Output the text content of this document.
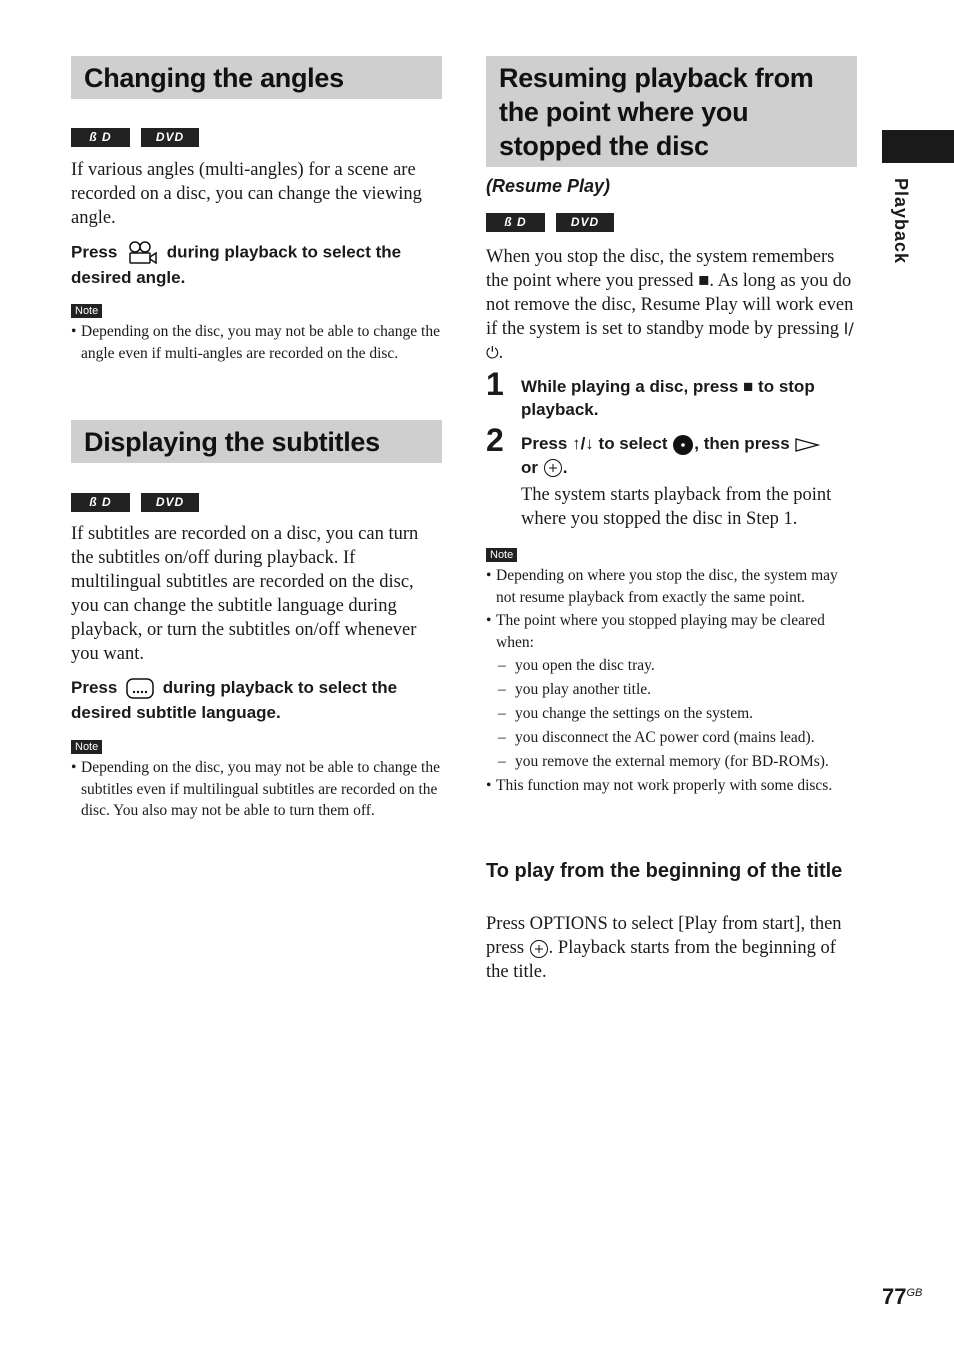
Changing the angles
ß D	DVD

If various angles (multi-angles) for a scene are recorded on a disc, you can change the viewing angle.

Press	during playback to select the desired angle.

Note
• Depending on the disc, you may not be able to change the angle even if multi-angles are recorded on the disc.
Displaying the subtitles
ß D	DVD

If subtitles are recorded on a disc, you can turn the subtitles on/off during playback. If multilingual subtitles are recorded on the disc, you can change the subtitle language during playback, or turn the subtitles on/off whenever you want.

Press	during playback to select the desired subtitle language.

Note
• Depending on the disc, you may not be able to change the subtitles even if multilingual subtitles are recorded on the disc. You also may not be able to turn them off.
Resuming playback from the point where you stopped the disc
(Resume Play)
ß D	DVD

When you stop the disc, the system remembers the point where you pressed ■. As long as you do not remove the disc, Resume Play will work even if the system is set to standby mode by pressing I/⏻.

1 While playing a disc, press ■ to stop playback.

2 Press ↑/↓ to select , then press
or .

The system starts playback from the point where you stopped the disc in Step 1.

Note
• Depending on where you stop the disc, the system may not resume playback from exactly the same point.
• The point where you stopped playing may be cleared when:
– you open the disc tray.
– you play another title.
– you change the settings on the system.
– you disconnect the AC power cord (mains lead).
– you remove the external memory (for BD-ROMs).
• This function may not work properly with some discs.

To play from the beginning of the title

Press OPTIONS to select [Play from start], then press . Playback starts from the beginning of the title.

Playback
$77^{GB}$
